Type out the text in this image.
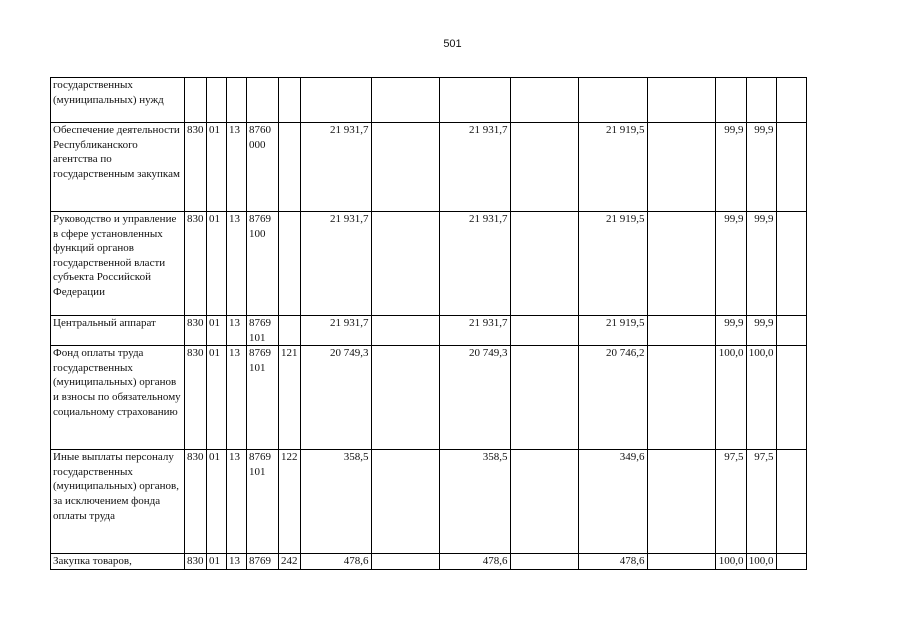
501
государственных (муниципальных) нужд														
Обеспечение деятельности Республиканского агентства по государственным закупкам	830	01	13	8760 000		21 931,7		21 931,7		21 919,5		99,9	99,9	
Руководство и управление в сфере установленных функций органов государственной власти субъекта Российской Федерации	830	01	13	8769 100		21 931,7		21 931,7		21 919,5		99,9	99,9	
Центральный аппарат	830	01	13	8769 101		21 931,7		21 931,7		21 919,5		99,9	99,9	
Фонд оплаты труда государственных (муниципальных) органов и взносы по обязательному социальному страхованию	830	01	13	8769 101	121	20 749,3		20 749,3		20 746,2		100,0	100,0	
Иные выплаты персоналу государственных (муниципальных) органов, за исключением фонда оплаты труда	830	01	13	8769 101	122	358,5		358,5		349,6		97,5	97,5	
Закупка товаров,	830	01	13	8769	242	478,6		478,6		478,6		100,0	100,0	
